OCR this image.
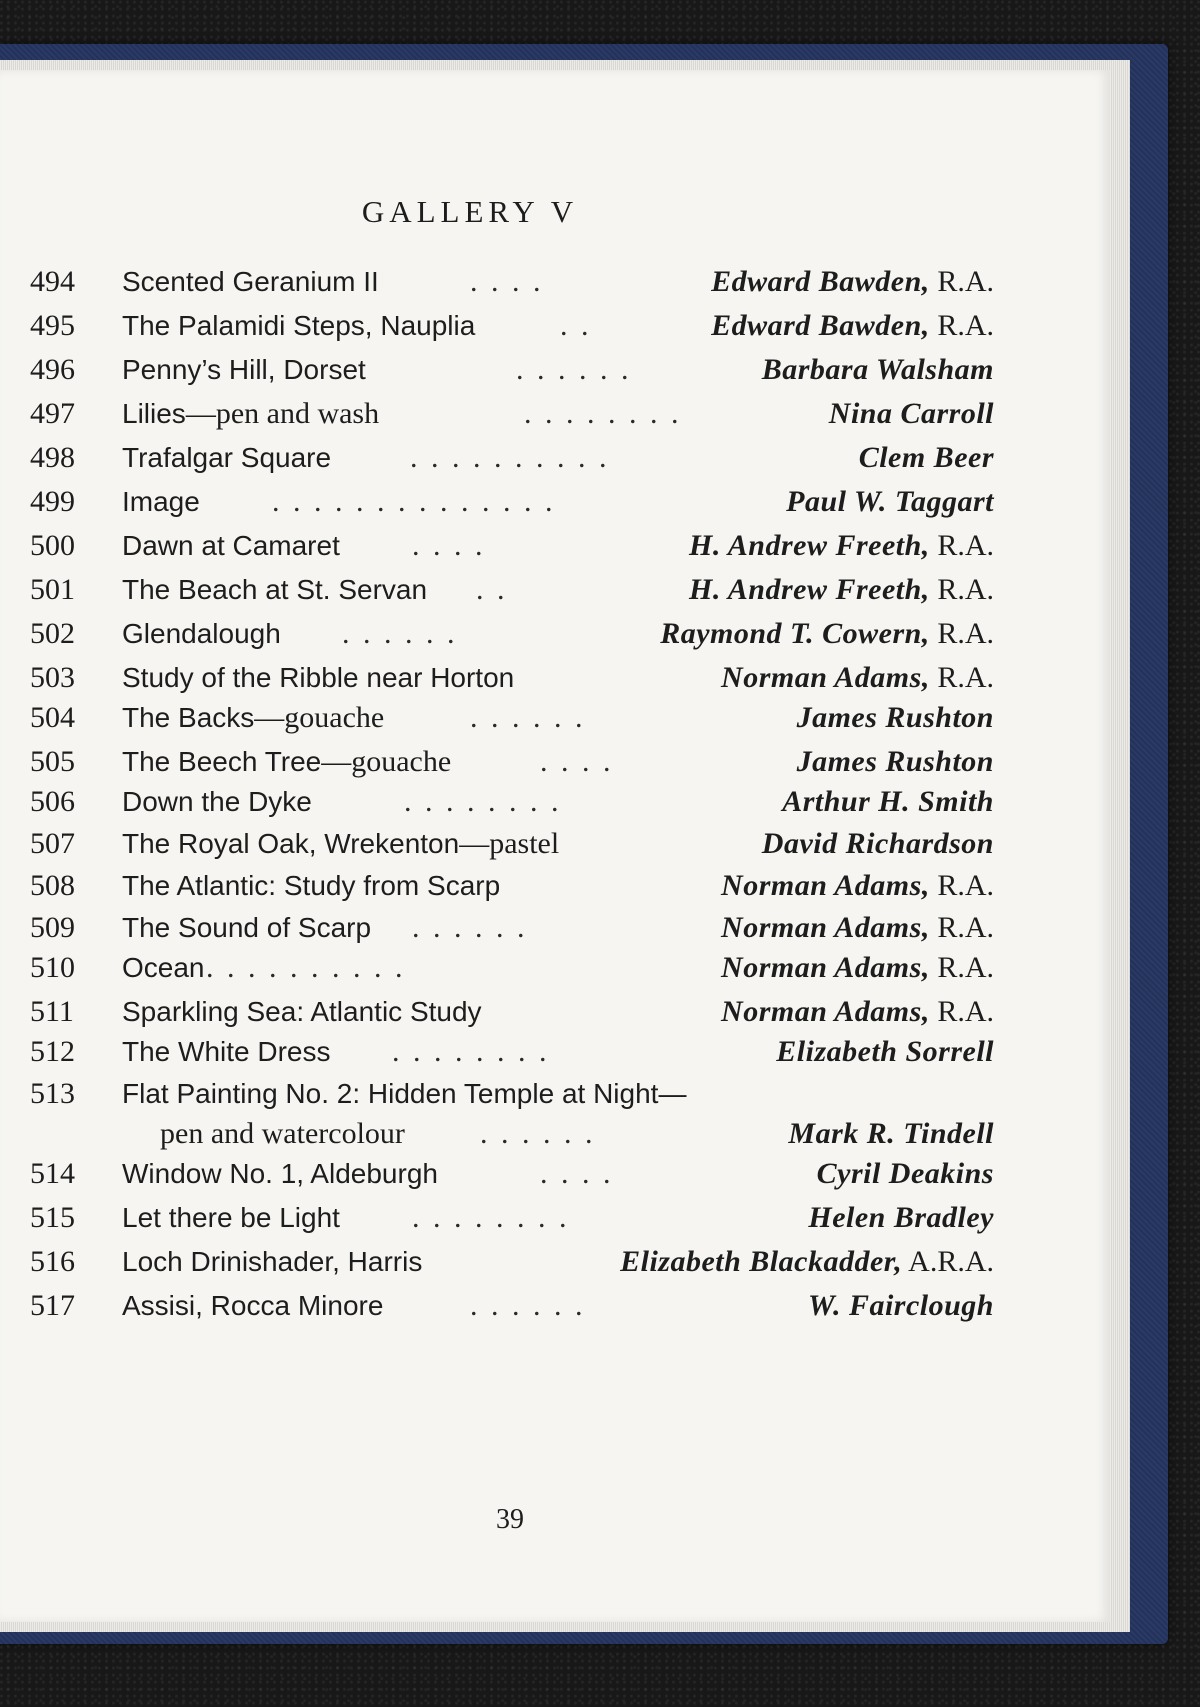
GALLERY V
494	Scented Geranium II	. . . .	Edward Bawden, R.A.
495	The Palamidi Steps, Nauplia	. .	Edward Bawden, R.A.
496	Penny’s Hill, Dorset	. . . . . .	Barbara Walsham
497	Lilies—pen and wash	. . . . . . . .	Nina Carroll
498	Trafalgar Square	. . . . . . . . . .	Clem Beer
499	Image . . . . . . . . . . . . . .	Paul W. Taggart
500	Dawn at Camaret . . . .	H. Andrew Freeth, R.A.
501	The Beach at St. Servan . .	H. Andrew Freeth, R.A.
502	Glendalough . . . . . .	Raymond T. Cowern, R.A.
503	Study of the Ribble near Horton	Norman Adams, R.A.
504	The Backs—gouache	. . . . . .	James Rushton
505	The Beech Tree—gouache	. . . .	James Rushton
506	Down the Dyke	. . . . . . . .	Arthur H. Smith
507	The Royal Oak, Wrekenton—pastel	David Richardson
508	The Atlantic: Study from Scarp	Norman Adams, R.A.
509	The Sound of Scarp . . . . . .	Norman Adams, R.A.
510	Ocean . . . . . . . . . .	Norman Adams, R.A.
511	Sparkling Sea: Atlantic Study	Norman Adams, R.A.
512	The White Dress . . . . . . . .	Elizabeth Sorrell
513	Flat Painting No. 2: Hidden Temple at Night—
pen and watercolour	. . . . . .	Mark R. Tindell
514	Window No. 1, Aldeburgh	. . . .	Cyril Deakins
515	Let there be Light . . . . . . . .	Helen Bradley
516	Loch Drinishader, Harris	Elizabeth Blackadder, A.R.A.
517	Assisi, Rocca Minore	. . . . . .	W. Fairclough
39
